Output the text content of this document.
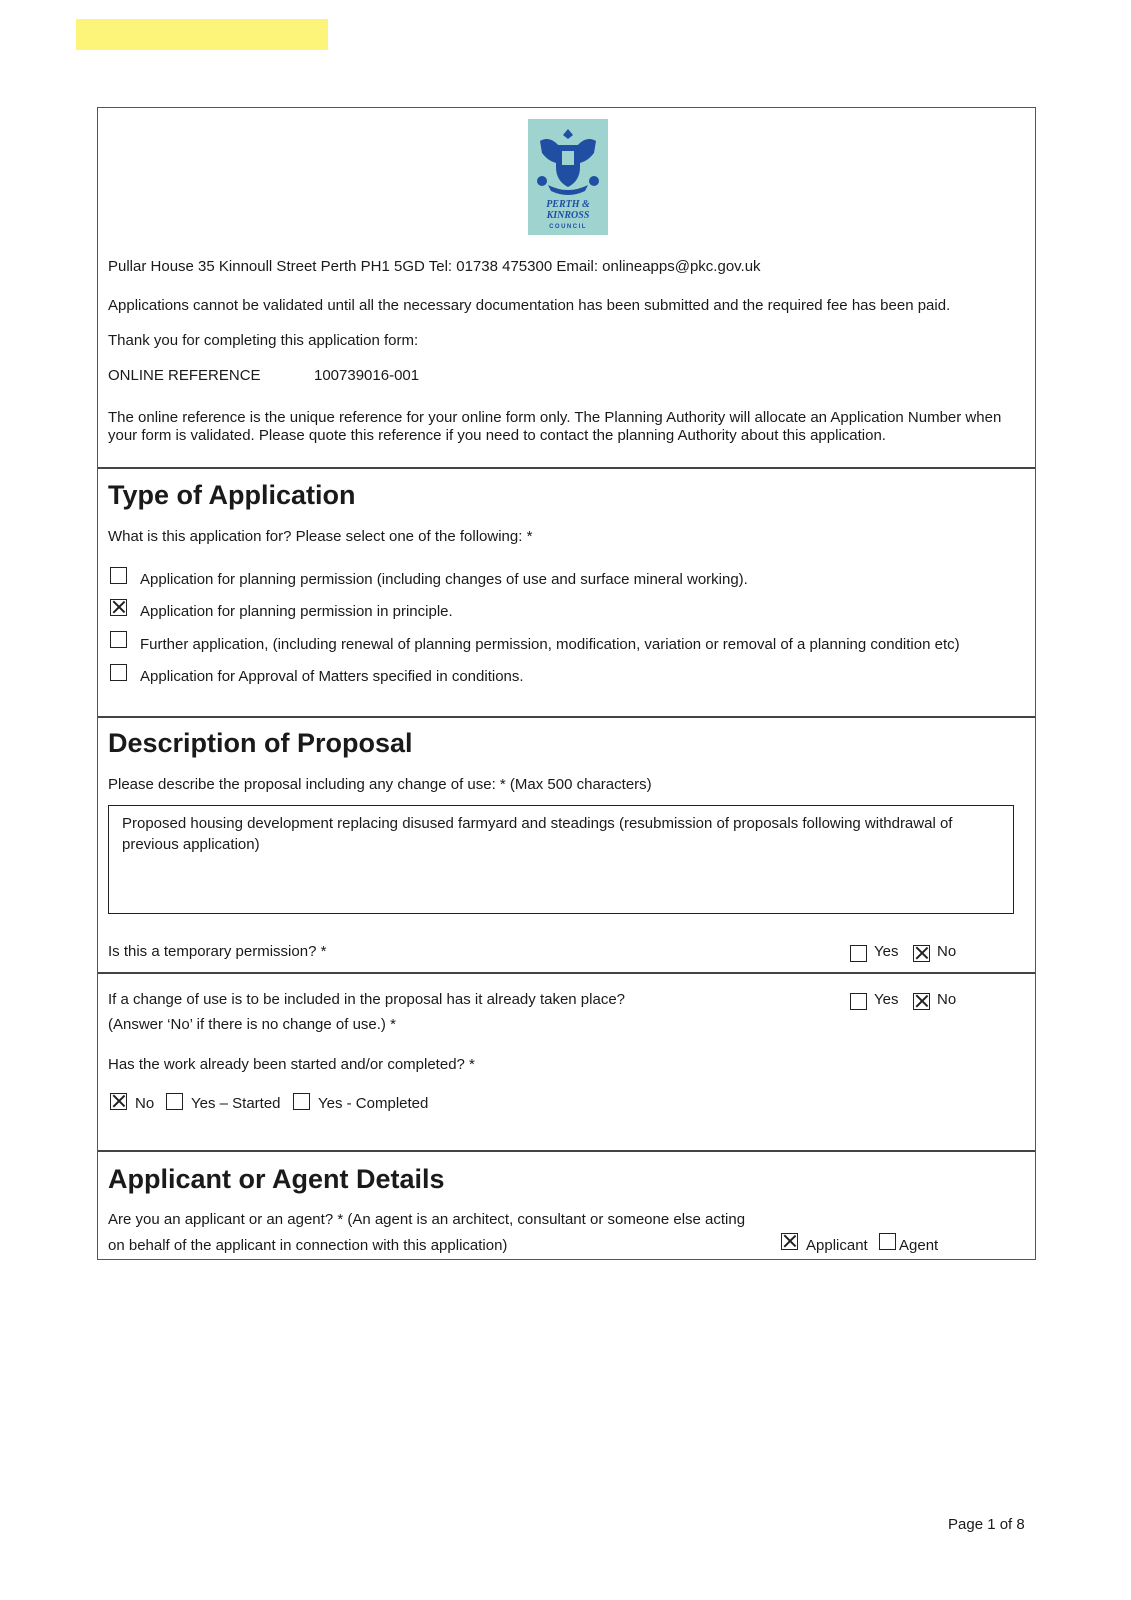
PERTH &
KINROSS
COUNCIL
Pullar House 35 Kinnoull Street Perth PH1 5GD Tel: 01738 475300 Email: onlineapps@pkc.gov.uk
Applications cannot be validated until all the necessary documentation has been submitted and the required fee has been paid.
Thank you for completing this application form:
ONLINE REFERENCE	100739016-001
The online reference is the unique reference for your online form only. The Planning Authority will allocate an Application Number when your form is validated. Please quote this reference if you need to contact the planning Authority about this application.
Type of Application
What is this application for? Please select one of the following: *
Application for planning permission (including changes of use and surface mineral working).
Application for planning permission in principle.
Further application, (including renewal of planning permission, modification, variation or removal of a planning condition etc)
Application for Approval of Matters specified in conditions.
Description of Proposal
Please describe the proposal including any change of use: * (Max 500 characters)
Proposed housing development replacing disused farmyard and steadings (resubmission of proposals following withdrawal of previous application)
Is this a temporary permission? *	Yes	No
If a change of use is to be included in the proposal has it already taken place?
(Answer ‘No’ if there is no change of use.) *
Yes	No
Has the work already been started and/or completed? *
No Yes – Started Yes - Completed
Applicant or Agent Details
Are you an applicant or an agent? * (An agent is an architect, consultant or someone else acting
on behalf of the applicant in connection with this application)	Applicant Agent
Page 1 of 8
